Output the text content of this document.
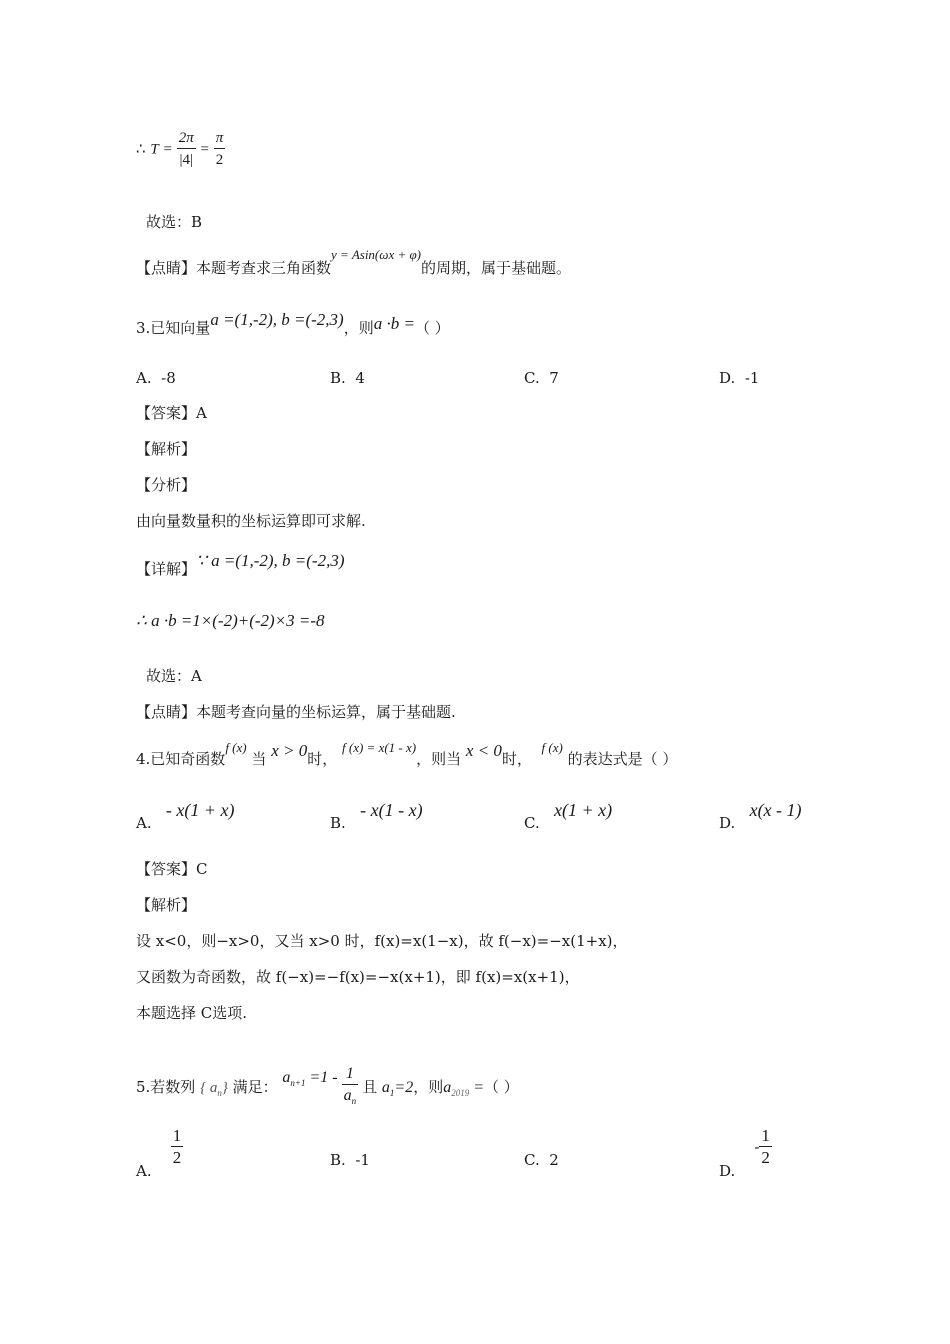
∴ $T = \frac{2\pi}{|4|} = \frac{\pi}{2}$
故选：B
【点睛】本题考查求三角函数y = Asin(ωx + φ)的周期，属于基础题。
3.已知向量a =(1,-2), b =(-2,3)，则a ·b =（ ）
A. -8	B. 4	C. 7	D. -1
【答案】A
【解析】
【分析】
由向量数量积的坐标运算即可求解.
【详解】∵ a =(1,-2), b =(-2,3)
∴ a ·b =1×(-2)+(-2)×3 =-8
故选：A
【点睛】本题考查向量的坐标运算，属于基础题.
4.已知奇函数f (x) 当 x > 0时， f (x) = x(1 - x)，则当 x < 0时，  f (x) 的表达式是（ ）
A.   - x(1 + x)
B.   - x(1 - x)
C.   x(1 + x)
D.   x(x - 1)
【答案】C
【解析】
设 x<0，则−x>0，又当 x>0 时，f(x)=x(1−x)，故 f(−x)=−x(1+x)，
又函数为奇函数，故 f(−x)=−f(x)=−x(x+1)，即 f(x)=x(x+1)，
本题选择 C选项.
5.若数列 { $a_n$} 满足： $a_{n+1} =1 - \frac{1}{a_n}$ 且 $a_1=2$，则$a_{2019}$ =（ ）
A.
$\frac{1}{2}$	B. -1	C. 2
D.    - $\frac{1}{2}$
